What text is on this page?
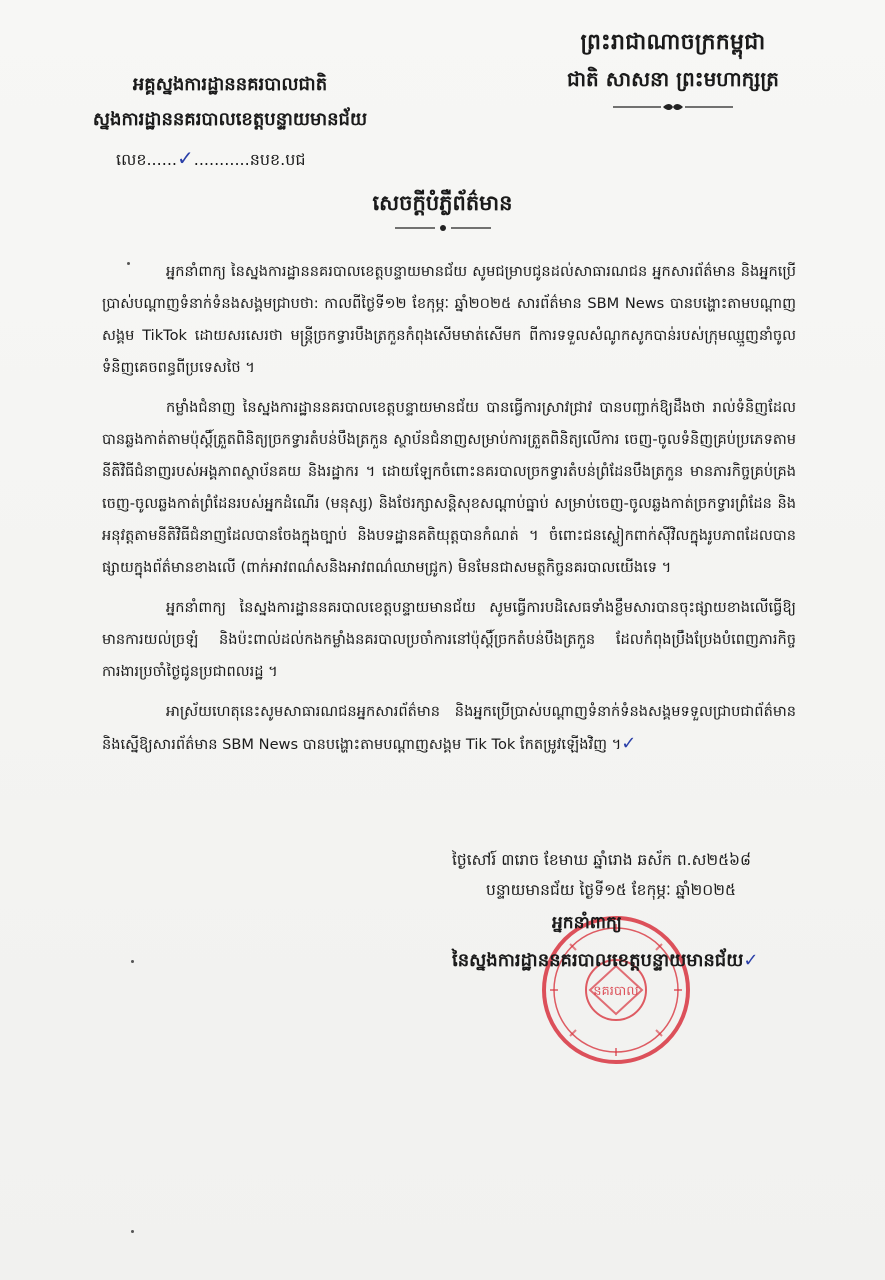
ព្រះរាជាណាចក្រកម្ពុជា
ជាតិ សាសនា ព្រះមហាក្សត្រ
អគ្គស្នងការដ្ឋាននគរបាលជាតិ
ស្នងការដ្ឋាននគរបាលខេត្តបន្ទាយមានជ័យ
លេខ......✓...........នបខ.បជ
សេចក្ដីបំភ្លឺព័ត៌មាន

អ្នកនាំពាក្យ នៃស្នងការដ្ឋាននគរបាលខេត្តបន្ទាយមានជ័យ សូមជម្រាបជូនដល់សាធារណជន អ្នកសារព័ត៌មាន និងអ្នកប្រើប្រាស់បណ្ដាញទំនាក់ទំនងសង្គមជ្រាបថា: កាលពីថ្ងៃទី១២ ខែកុម្ភៈ ឆ្នាំ២០២៥ សារព័ត៌មាន SBM News បានបង្ហោះតាមបណ្ដាញសង្គម TikTok ដោយសរសេរថា មន្ត្រីច្រកទ្វារបឹងត្រកួនកំពុងសើមមាត់សើមក ពីការទទួលសំណូកសូកបាន់របស់ក្រុមឈ្មួញនាំចូលទំនិញគេចពន្ធពីប្រទេសថៃ ។

កម្លាំងជំនាញ នៃស្នងការដ្ឋាននគរបាលខេត្តបន្ទាយមានជ័យ បានធ្វើការស្រាវជ្រាវ បានបញ្ជាក់ឱ្យដឹងថា រាល់ទំនិញដែលបានឆ្លងកាត់តាមប៉ុស្តិ៍ត្រួតពិនិត្យច្រកទ្វារតំបន់បឹងត្រកួន ស្ថាប័នជំនាញសម្រាប់ការត្រួតពិនិត្យលើការ ចេញ-ចូលទំនិញគ្រប់ប្រភេទតាមនីតិវិធីជំនាញរបស់អង្គភាពស្ថាប័នគយ និងរដ្ឋាករ ។ ដោយឡែកចំពោះនគរបាលច្រកទ្វារតំបន់ព្រំដែនបឹងត្រកួន មានភារកិច្ចគ្រប់គ្រងចេញ-ចូលឆ្លងកាត់ព្រំដែនរបស់អ្នកដំណើរ (មនុស្ស) និងថែរក្សាសន្តិសុខសណ្ដាប់ធ្នាប់ សម្រាប់ចេញ-ចូលឆ្លងកាត់ច្រកទ្វារព្រំដែន និងអនុវត្តតាមនីតិវិធីជំនាញដែលបានចែងក្នុងច្បាប់ និងបទដ្ឋានគតិយុត្តបានកំណត់ ។ ចំពោះជនស្លៀកពាក់ស៊ីវិលក្នុងរូបភាពដែលបានផ្សាយក្នុងព័ត៌មានខាងលើ (ពាក់អាវពណ៌សនិងអាវពណ៌ឈាមជ្រូក) មិនមែនជាសមត្ថកិច្ចនគរបាលយើងទេ ។

អ្នកនាំពាក្យ នៃស្នងការដ្ឋាននគរបាលខេត្តបន្ទាយមានជ័យ សូមធ្វើការបដិសេធទាំងខ្លឹមសារបានចុះផ្សាយខាងលើធ្វើឱ្យមានការយល់ច្រឡំ និងប៉ះពាល់ដល់កងកម្លាំងនគរបាលប្រចាំការនៅប៉ុស្តិ៍ច្រកតំបន់បឹងត្រកួន ដែលកំពុងប្រឹងប្រែងបំពេញភារកិច្ចការងារប្រចាំថ្ងៃជូនប្រជាពលរដ្ឋ ។

អាស្រ័យហេតុនេះសូមសាធារណជនអ្នកសារព័ត៌មាន និងអ្នកប្រើប្រាស់បណ្ដាញទំនាក់ទំនងសង្គមទទួលជ្រាបជាព័ត៌មាន និងស្នើឱ្យសារព័ត៌មាន SBM News បានបង្ហោះតាមបណ្ដាញសង្គម Tik Tok កែតម្រូវឡើងវិញ ។✓

ថ្ងៃសៅរ៍ ៣រោច ខែមាឃ ឆ្នាំរោង ឆស័ក ព.ស២៥៦៨
បន្ទាយមានជ័យ ថ្ងៃទី១៥ ខែកុម្ភៈ ឆ្នាំ២០២៥
នគរបាល
អ្នកនាំពាក្យ
នៃស្នងការដ្ឋាននគរបាលខេត្តបន្ទាយមានជ័យ✓
